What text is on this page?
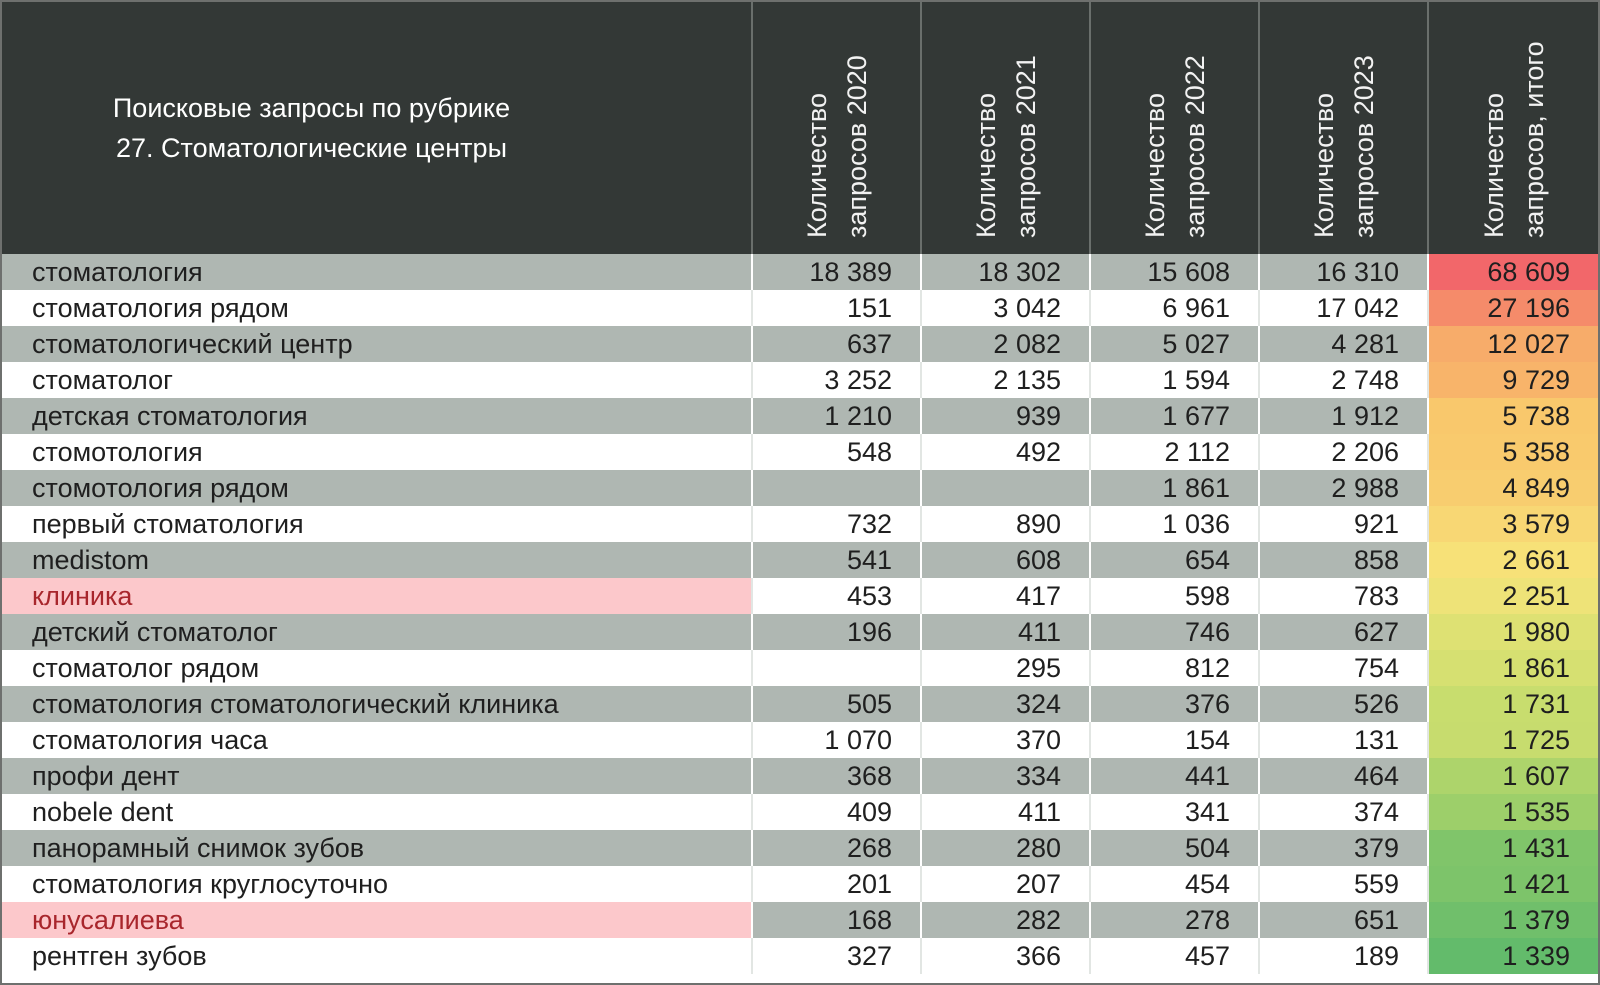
Поисковые запросы по рубрике
27. Стоматологические центры	Количество запросов 2020	Количество запросов 2021	Количество запросов 2022	Количество запросов 2023	Количество запросов, итого

стоматология	18 389	18 302	15 608	16 310	68 609
стоматология рядом	151	3 042	6 961	17 042	27 196
стоматологический центр	637	2 082	5 027	4 281	12 027
стоматолог	3 252	2 135	1 594	2 748	9 729
детская стоматология	1 210	939	1 677	1 912	5 738
стомотология	548	492	2 112	2 206	5 358
стомотология рядом			1 861	2 988	4 849
первый стоматология	732	890	1 036	921	3 579
medistom	541	608	654	858	2 661
клиника	453	417	598	783	2 251
детский стоматолог	196	411	746	627	1 980
стоматолог рядом		295	812	754	1 861
стоматология стоматологический клиника	505	324	376	526	1 731
стоматология часа	1 070	370	154	131	1 725
профи дент	368	334	441	464	1 607
nobele dent	409	411	341	374	1 535
панорамный снимок зубов	268	280	504	379	1 431
стоматология круглосуточно	201	207	454	559	1 421
юнусалиева	168	282	278	651	1 379
рентген зубов	327	366	457	189	1 339
